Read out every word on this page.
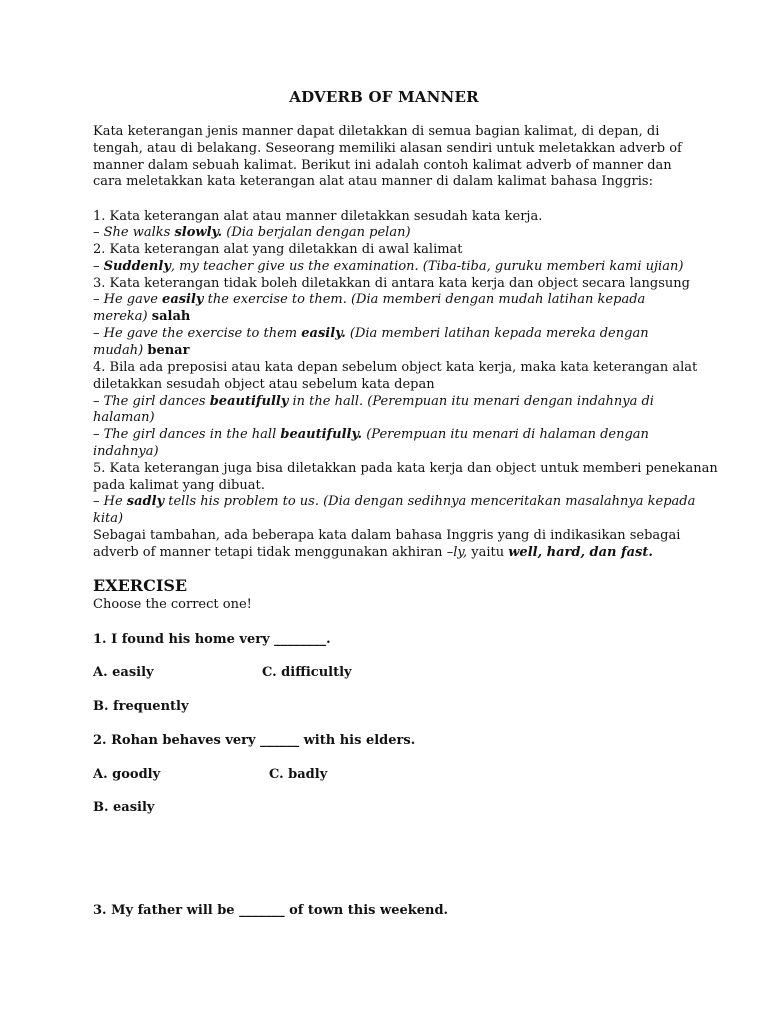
ADVERB OF MANNER
Kata keterangan jenis manner dapat diletakkan di semua bagian kalimat, di depan, di tengah, atau di belakang. Seseorang memiliki alasan sendiri untuk meletakkan adverb of manner dalam sebuah kalimat. Berikut ini adalah contoh kalimat adverb of manner dan cara meletakkan kata keterangan alat atau manner di dalam kalimat bahasa Inggris:
1. Kata keterangan alat atau manner diletakkan sesudah kata kerja.
– She walks slowly. (Dia berjalan dengan pelan)
2. Kata keterangan alat yang diletakkan di awal kalimat
– Suddenly, my teacher give us the examination. (Tiba-tiba, guruku memberi kami ujian)
3. Kata keterangan tidak boleh diletakkan di antara kata kerja dan object secara langsung
– He gave easily the exercise to them. (Dia memberi dengan mudah latihan kepada
mereka) salah
– He gave the exercise to them easily. (Dia memberi latihan kepada mereka dengan
mudah) benar
4. Bila ada preposisi atau kata depan sebelum object kata kerja, maka kata keterangan alat
diletakkan sesudah object atau sebelum kata depan
– The girl dances beautifully in the hall. (Perempuan itu menari dengan indahnya di
halaman)
– The girl dances in the hall beautifully. (Perempuan itu menari di halaman dengan
indahnya)
5. Kata keterangan juga bisa diletakkan pada kata kerja dan object untuk memberi penekanan
pada kalimat yang dibuat.
– He sadly tells his problem to us. (Dia dengan sedihnya menceritakan masalahnya kepada
kita)
Sebagai tambahan, ada beberapa kata dalam bahasa Inggris yang di indikasikan sebagai
adverb of manner tetapi tidak menggunakan akhiran –ly, yaitu well, hard, dan fast.
EXERCISE
Choose the correct one!
1. I found his home very ________.
A. easily	C. difficultly
B. frequently
2. Rohan behaves very ______ with his elders.
A. goodly	C. badly
B. easily
3. My father will be _______ of town this weekend.
